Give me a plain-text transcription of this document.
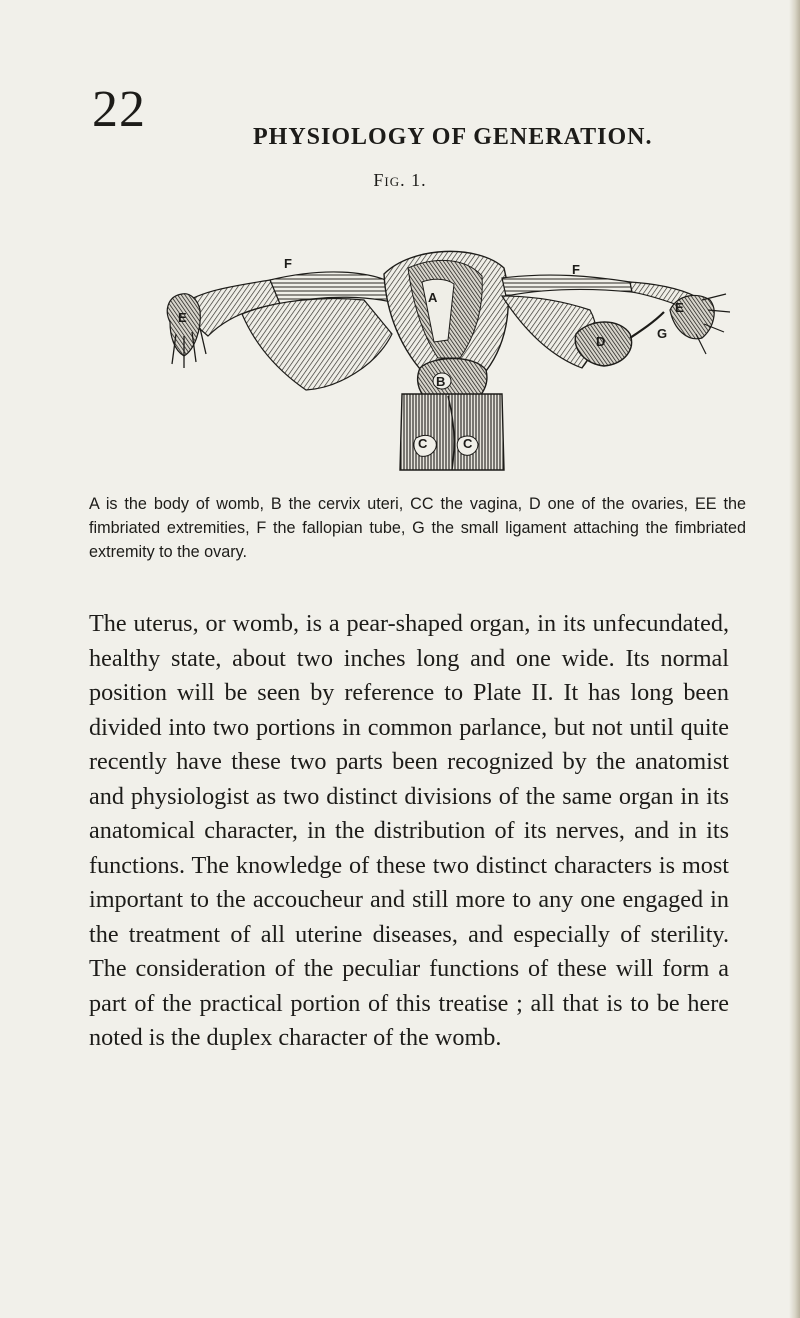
22	PHYSIOLOGY OF GENERATION.
Fig. 1.
F	F
A
B
C	C
D
E
E
G
A is the body of womb, B the cervix uteri, CC the vagina, D one of the ovaries, EE the fimbriated extremities, F the fallopian tube, G the small ligament attaching the fimbriated extremity to the ovary.
The uterus, or womb, is a pear-shaped organ, in its unfecundated, healthy state, about two inches long and one wide. Its normal position will be seen by reference to Plate II. It has long been divided into two portions in common parlance, but not until quite recently have these two parts been recognized by the anatomist and physiologist as two distinct divisions of the same organ in its anatomical character, in the distribution of its nerves, and in its functions. The knowledge of these two distinct characters is most important to the accoucheur and still more to any one engaged in the treatment of all uterine diseases, and especially of sterility. The consideration of the peculiar functions of these will form a part of the practical portion of this treatise ; all that is to be here noted is the duplex character of the womb.
